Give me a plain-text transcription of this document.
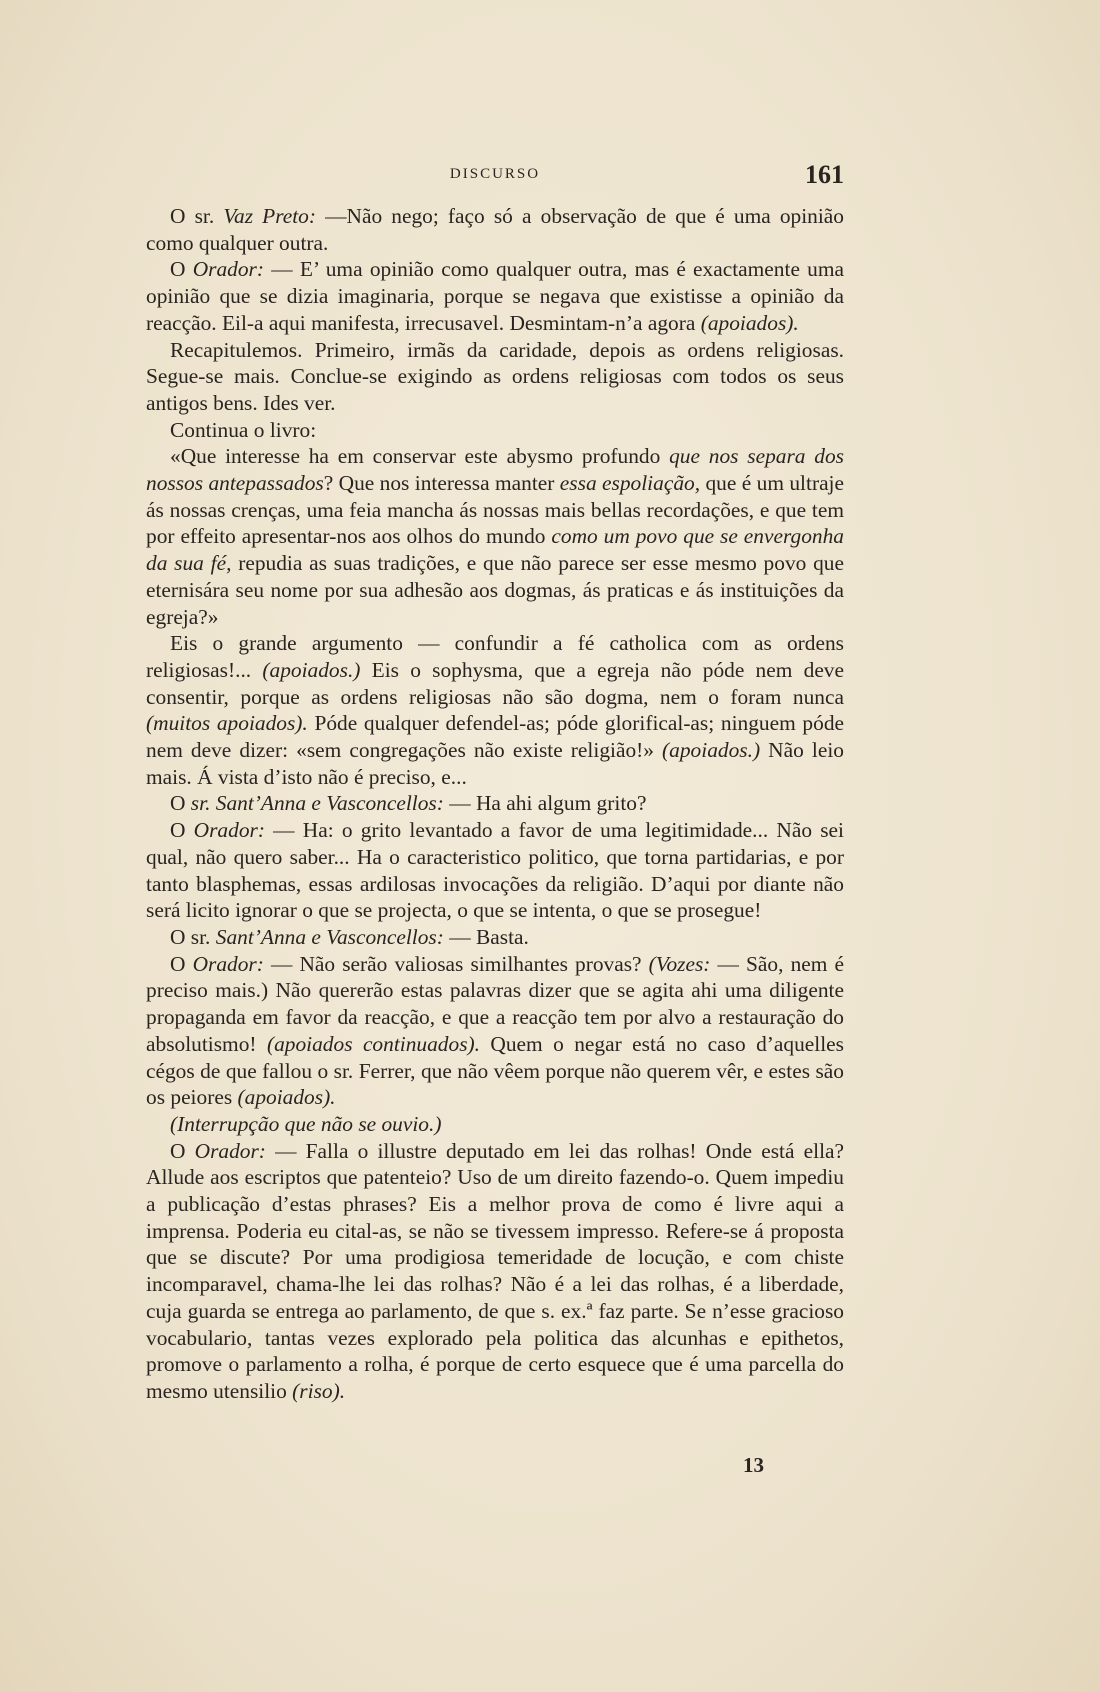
DISCURSO	161

O sr. Vaz Preto: —Não nego; faço só a observação de que é uma opinião como qualquer outra.

O Orador: — E’ uma opinião como qualquer outra, mas é exactamente uma opinião que se dizia imaginaria, porque se negava que existisse a opinião da reacção. Eil-a aqui manifesta, irrecusavel. Desmintam-n’a agora (apoiados).

Recapitulemos. Primeiro, irmãs da caridade, depois as ordens religiosas. Segue-se mais. Conclue-se exigindo as ordens religiosas com todos os seus antigos bens. Ides ver.

Continua o livro:

«Que interesse ha em conservar este abysmo profundo que nos separa dos nossos antepassados? Que nos interessa manter essa espoliação, que é um ultraje ás nossas crenças, uma feia mancha ás nossas mais bellas recordações, e que tem por effeito apresentar-nos aos olhos do mundo como um povo que se envergonha da sua fé, repudia as suas tradições, e que não parece ser esse mesmo povo que eternisára seu nome por sua adhesão aos dogmas, ás praticas e ás instituições da egreja?»

Eis o grande argumento — confundir a fé catholica com as ordens religiosas!... (apoiados.) Eis o sophysma, que a egreja não póde nem deve consentir, porque as ordens religiosas não são dogma, nem o foram nunca (muitos apoiados). Póde qualquer defendel-as; póde glorifical-as; ninguem póde nem deve dizer: «sem congregações não existe religião!» (apoiados.) Não leio mais. Á vista d’isto não é preciso, e...

O sr. Sant’Anna e Vasconcellos: — Ha ahi algum grito?

O Orador: — Ha: o grito levantado a favor de uma legitimidade... Não sei qual, não quero saber... Ha o caracteristico politico, que torna partidarias, e por tanto blasphemas, essas ardilosas invocações da religião. D’aqui por diante não será licito ignorar o que se projecta, o que se intenta, o que se prosegue!

O sr. Sant’Anna e Vasconcellos: — Basta.

O Orador: — Não serão valiosas similhantes provas? (Vozes: — São, nem é preciso mais.) Não quererão estas palavras dizer que se agita ahi uma diligente propaganda em favor da reacção, e que a reacção tem por alvo a restauração do absolutismo! (apoiados continuados). Quem o negar está no caso d’aquelles cégos de que fallou o sr. Ferrer, que não vêem porque não querem vêr, e estes são os peiores (apoiados).

(Interrupção que não se ouvio.)

O Orador: — Falla o illustre deputado em lei das rolhas! Onde está ella? Allude aos escriptos que patenteio? Uso de um direito fazendo-o. Quem impediu a publicação d’estas phrases? Eis a melhor prova de como é livre aqui a imprensa. Poderia eu cital-as, se não se tivessem impresso. Refere-se á proposta que se discute? Por uma prodigiosa temeridade de locução, e com chiste incomparavel, chama-lhe lei das rolhas? Não é a lei das rolhas, é a liberdade, cuja guarda se entrega ao parlamento, de que s. ex.ª faz parte. Se n’esse gracioso vocabulario, tantas vezes explorado pela politica das alcunhas e epithetos, promove o parlamento a rolha, é porque de certo esquece que é uma parcella do mesmo utensilio (riso).

13
